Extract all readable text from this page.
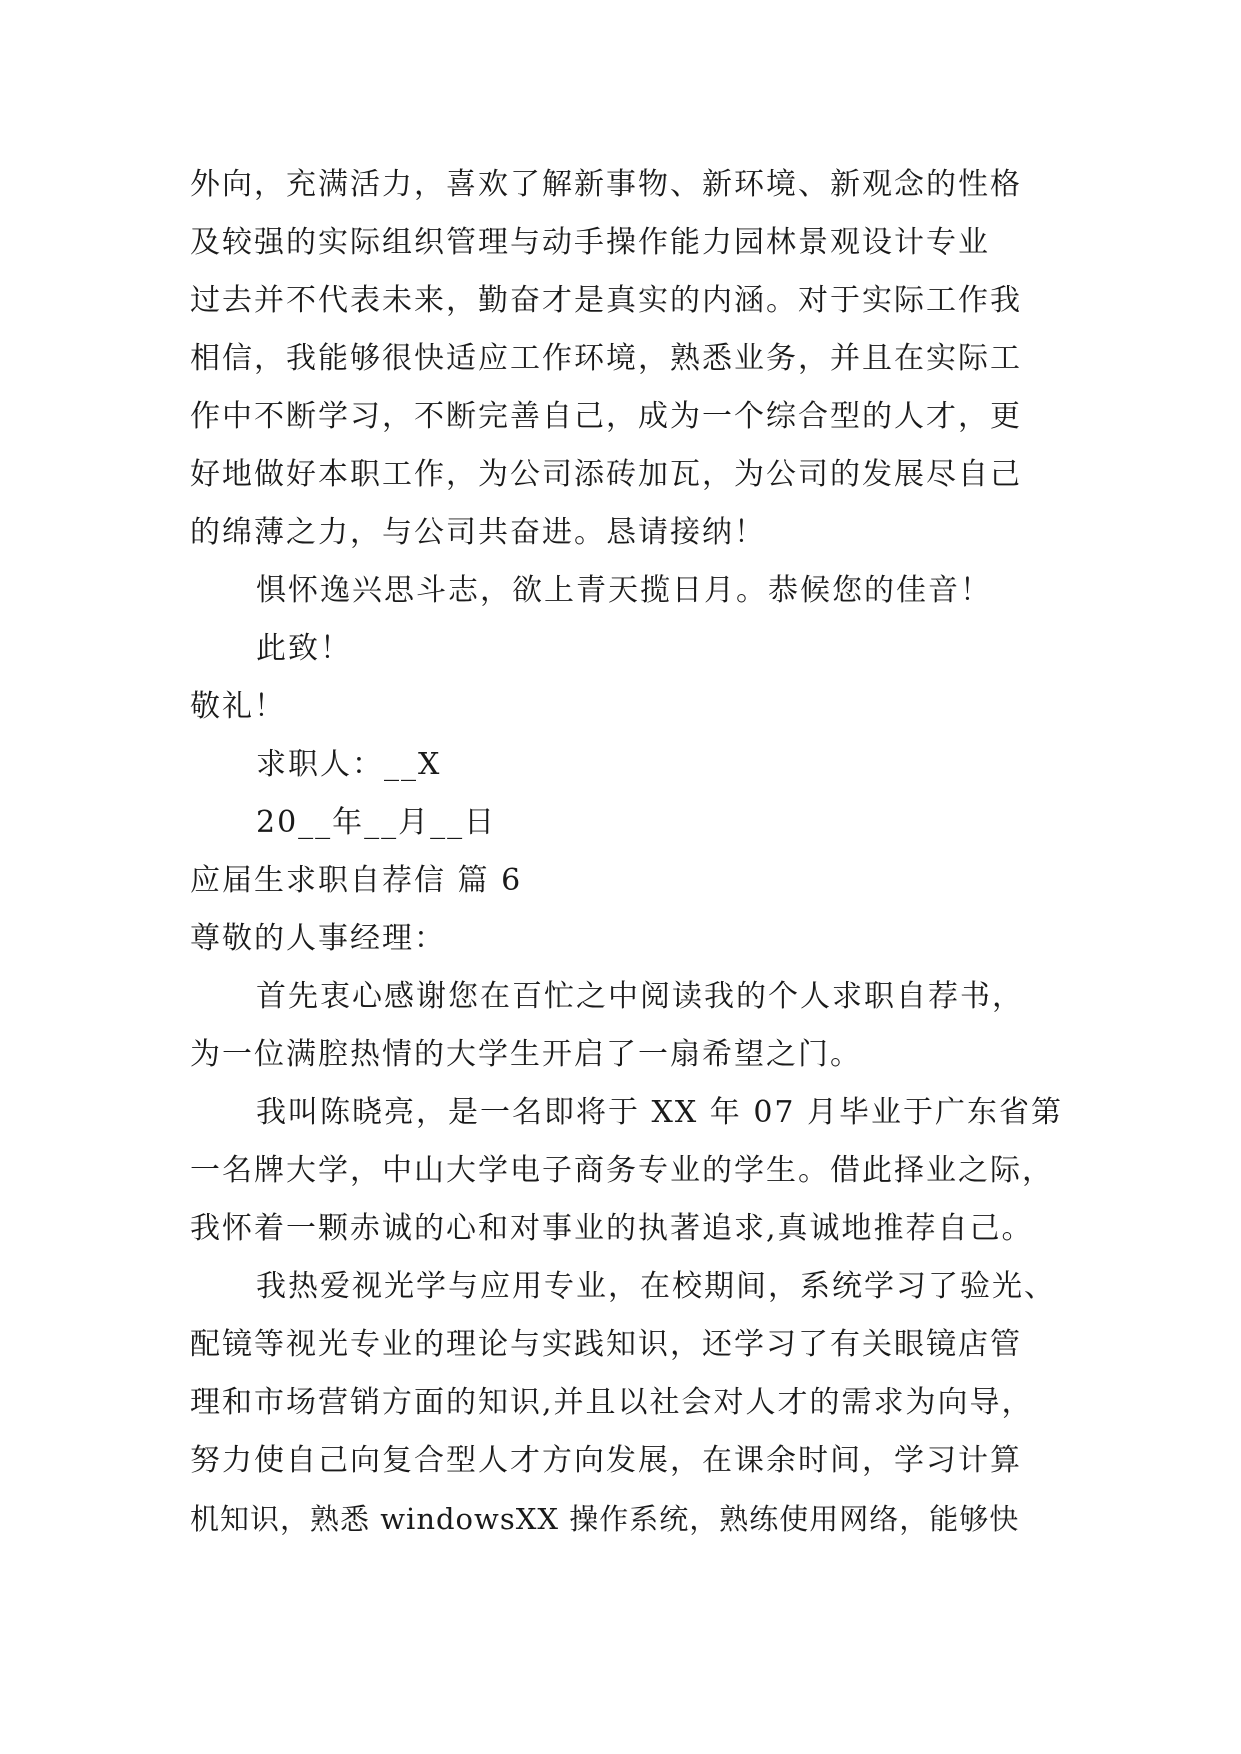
外向，充满活力，喜欢了解新事物、新环境、新观念的性格
及较强的实际组织管理与动手操作能力园林景观设计专业
过去并不代表未来，勤奋才是真实的内涵。对于实际工作我
相信，我能够很快适应工作环境，熟悉业务，并且在实际工
作中不断学习，不断完善自己，成为一个综合型的人才，更
好地做好本职工作，为公司添砖加瓦，为公司的发展尽自己
的绵薄之力，与公司共奋进。恳请接纳！
惧怀逸兴思斗志，欲上青天揽日月。恭候您的佳音！
此致！
敬礼！
求职人：__X
20__年__月__日
应届生求职自荐信 篇 6
尊敬的人事经理：
首先衷心感谢您在百忙之中阅读我的个人求职自荐书，
为一位满腔热情的大学生开启了一扇希望之门。
我叫陈晓亮，是一名即将于 XX 年 07 月毕业于广东省第
一名牌大学，中山大学电子商务专业的学生。借此择业之际，
我怀着一颗赤诚的心和对事业的执著追求,真诚地推荐自己。
我热爱视光学与应用专业，在校期间，系统学习了验光、
配镜等视光专业的理论与实践知识，还学习了有关眼镜店管
理和市场营销方面的知识,并且以社会对人才的需求为向导，
努力使自己向复合型人才方向发展，在课余时间，学习计算
机知识，熟悉 windowsXX 操作系统，熟练使用网络，能够快
